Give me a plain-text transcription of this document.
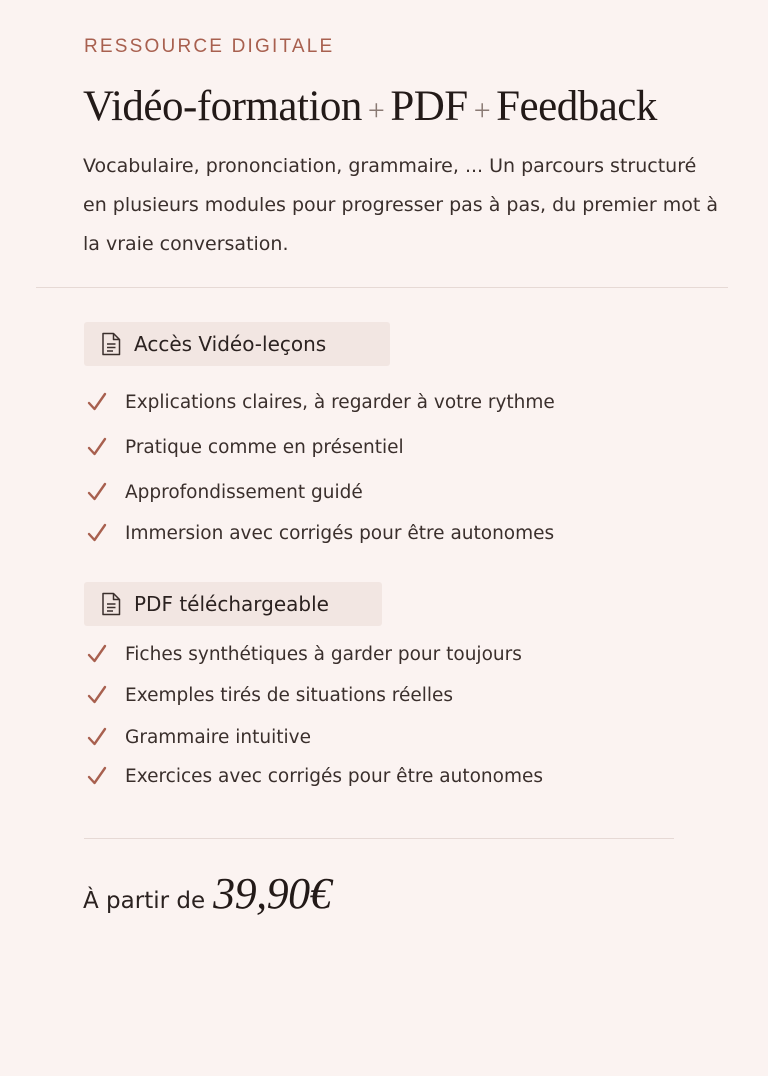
RESSOURCE DIGITALE
Vidéo-formation + PDF + Feedback

Vocabulaire, prononciation, grammaire, ... Un parcours structuré en plusieurs modules pour progresser pas à pas, du premier mot à la vraie conversation.

Accès Vidéo-leçons
Explications claires, à regarder à votre rythme
Pratique comme en présentiel
Approfondissement guidé
Immersion avec corrigés pour être autonomes
PDF téléchargeable
Fiches synthétiques à garder pour toujours
Exemples tirés de situations réelles
Grammaire intuitive
Exercices avec corrigés pour être autonomes
À partir de 39,90€
